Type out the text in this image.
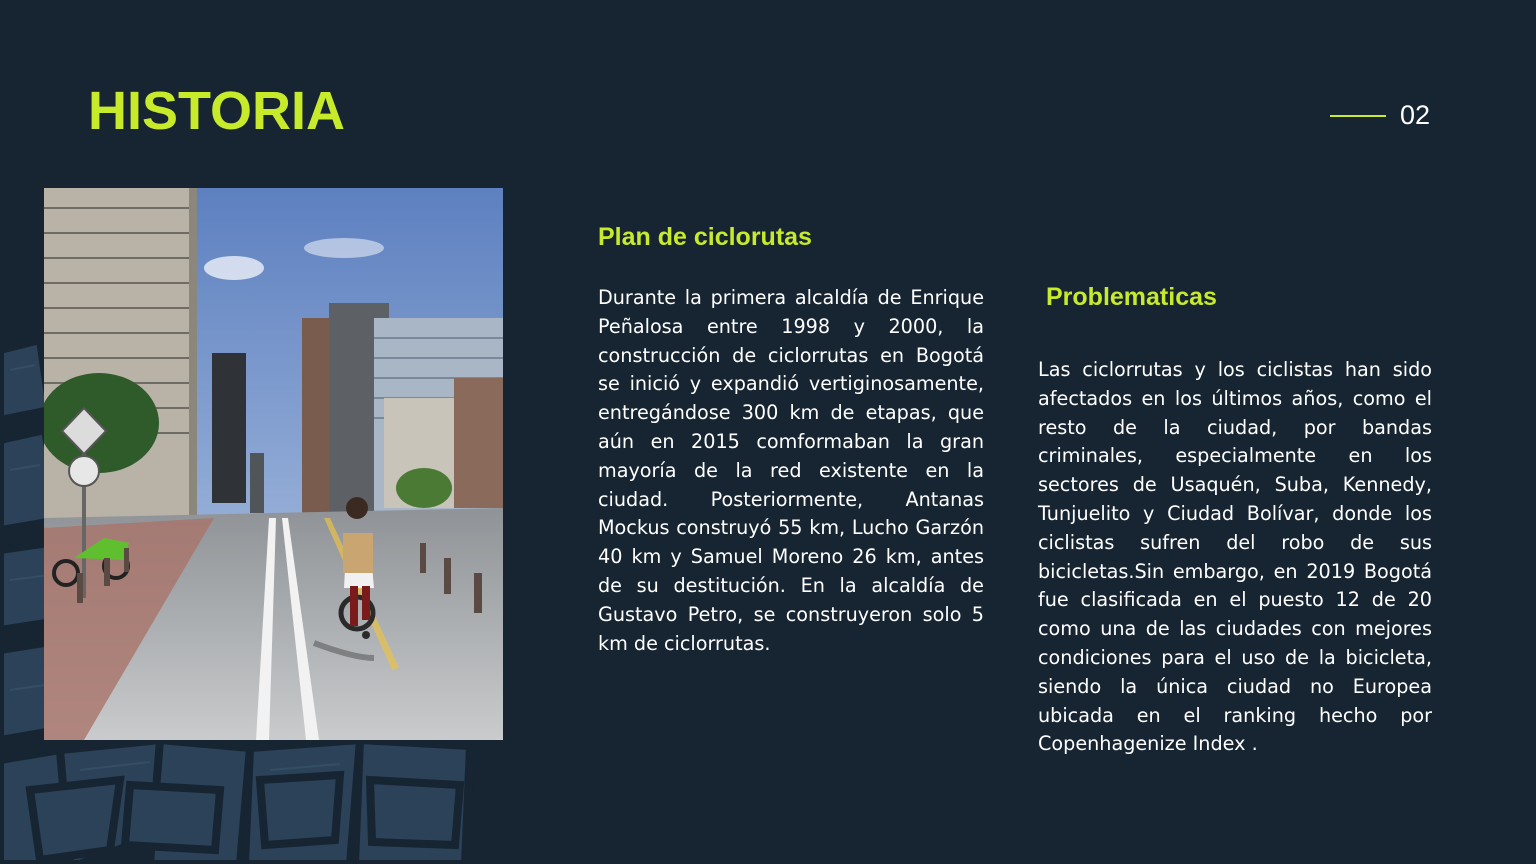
HISTORIA	02
Plan de ciclorutas

Durante la primera alcaldía de Enrique Peñalosa entre 1998 y 2000, la construcción de ciclorrutas en Bogotá se inició y expandió vertiginosamente, entregándose 300 km de etapas, que aún en 2015 comformaban la gran mayoría de la red existente en la ciudad. Posteriormente, Antanas Mockus construyó 55 km, Lucho Garzón 40 km y Samuel Moreno 26 km, antes de su destitución. En la alcaldía de Gustavo Petro, se construyeron solo 5 km de ciclorrutas.

Problematicas

Las ciclorrutas y los ciclistas han sido afectados en los últimos años, como el resto de la ciudad, por bandas criminales, especialmente en los sectores de Usaquén, Suba, Kennedy, Tunjuelito y Ciudad Bolívar, donde los ciclistas sufren del robo de sus bicicletas.Sin embargo, en 2019 Bogotá fue clasificada en el puesto 12 de 20 como una de las ciudades con mejores condiciones para el uso de la bicicleta, siendo la única ciudad no Europea ubicada en el ranking hecho por Copenhagenize Index .
